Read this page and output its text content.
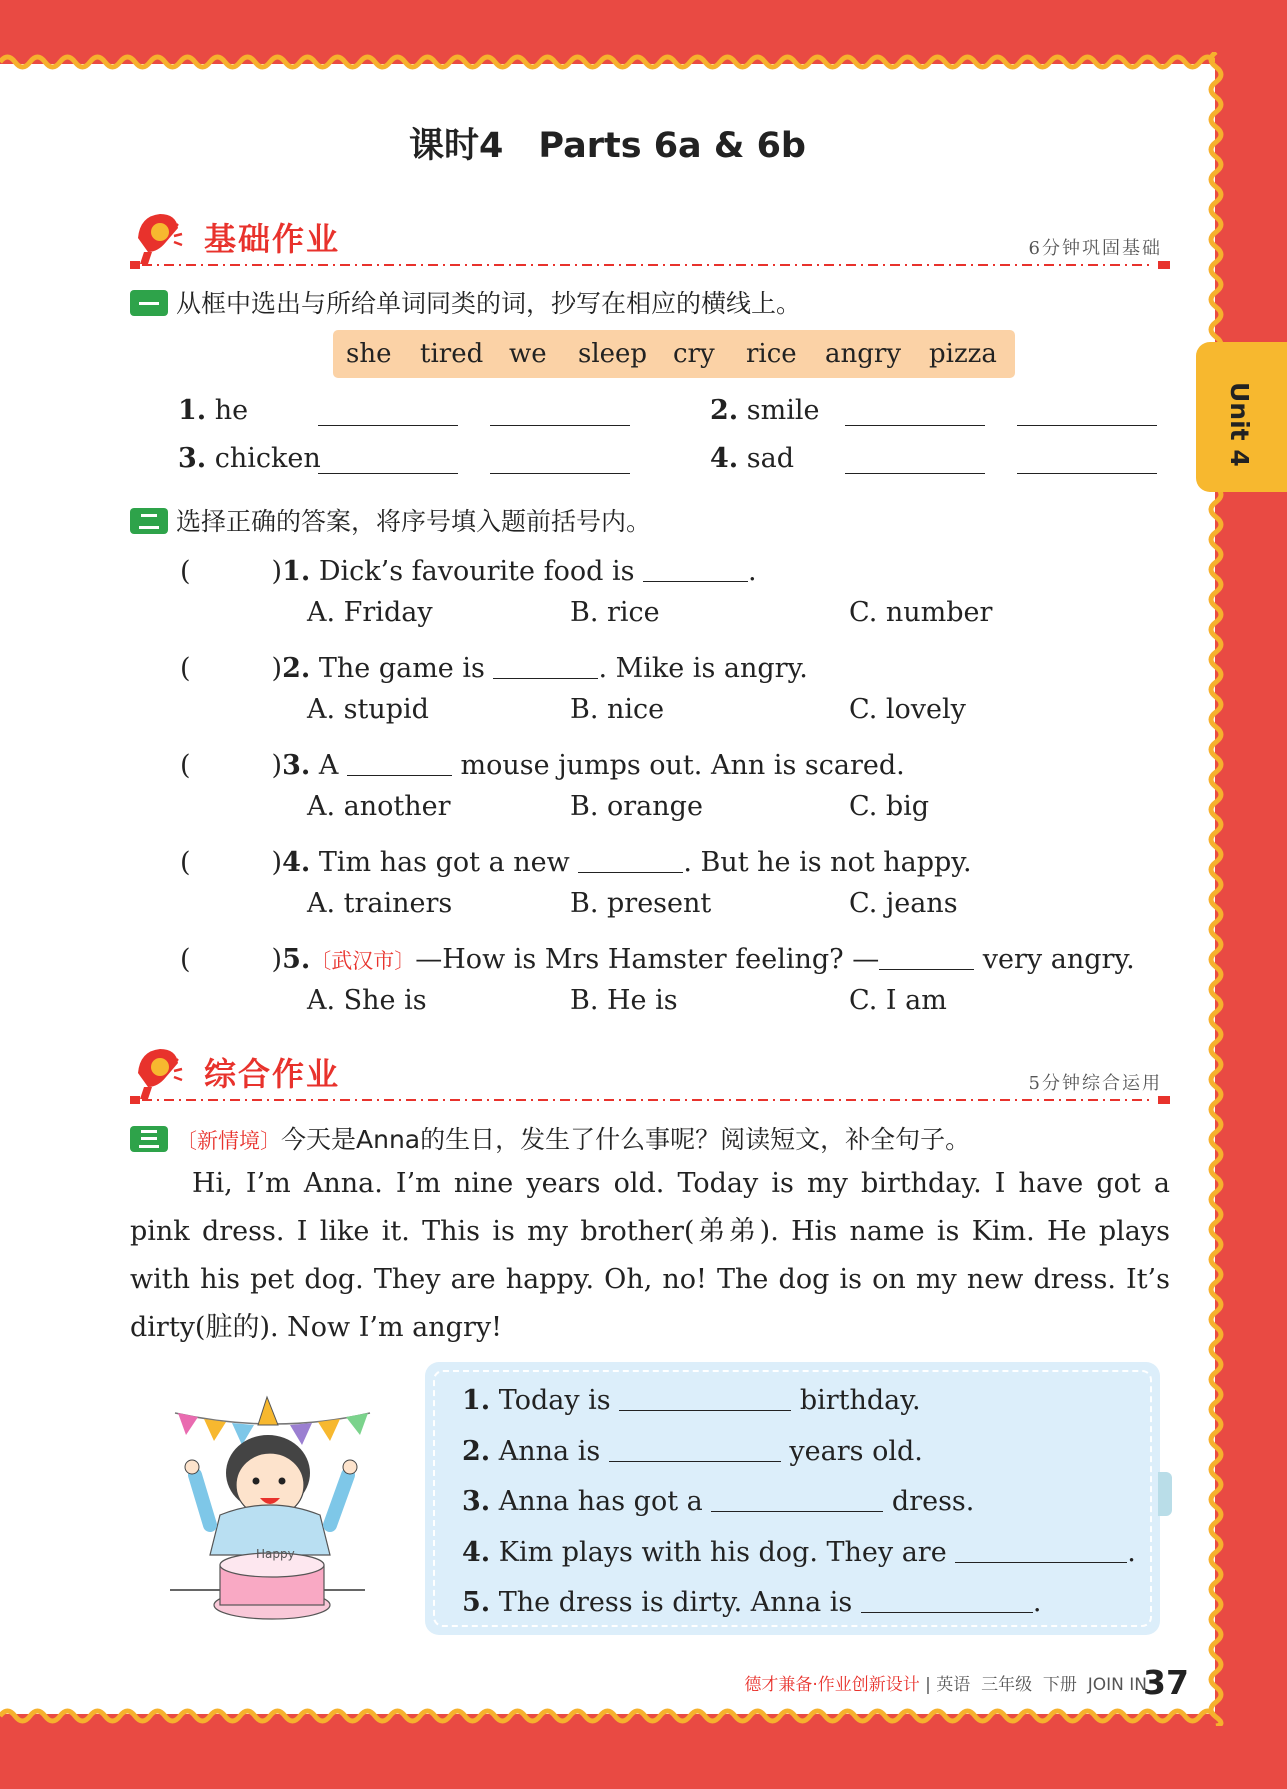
Unit 4
课时4　Parts 6a & 6b
基础作业	6分钟巩固基础
从框中选出与所给单词同类的词，抄写在相应的横线上。
she tired we sleep cry rice angry pizza
1. he	2. smile
3. chicken	4. sad
选择正确的答案，将序号填入题前括号内。
(　　　)1. Dick’s favourite food is	.
A. Friday	B. rice	C. number
(　　　)2. The game is	. Mike is angry.
A. stupid	B. nice	C. lovely
(　　　)3. A	mouse jumps out. Ann is scared.
A. another	B. orange	C. big
(　　　)4. Tim has got a new	. But he is not happy.
A. trainers	B. present	C. jeans
(　　　)5.〔武汉市〕—How is Mrs Hamster feeling? —	very angry.
A. She is	B. He is	C. I am
综合作业	5分钟综合运用
〔新情境〕今天是Anna的生日，发生了什么事呢？阅读短文，补全句子。
Hi, I’m Anna. I’m nine years old. Today is my birthday. I have got a pink dress. I like it. This is my brother(弟弟). His name is Kim. He plays with his pet dog. They are happy. Oh, no! The dog is on my new dress. It’s dirty(脏的). Now I’m angry!
Happy
1. Today is	birthday.
2. Anna is	years old.
3. Anna has got a	dress.
4. Kim plays with his dog. They are	.
5. The dress is dirty. Anna is	.
德才兼备·作业创新设计 | 英语 三年级 下册 JOIN IN
37
